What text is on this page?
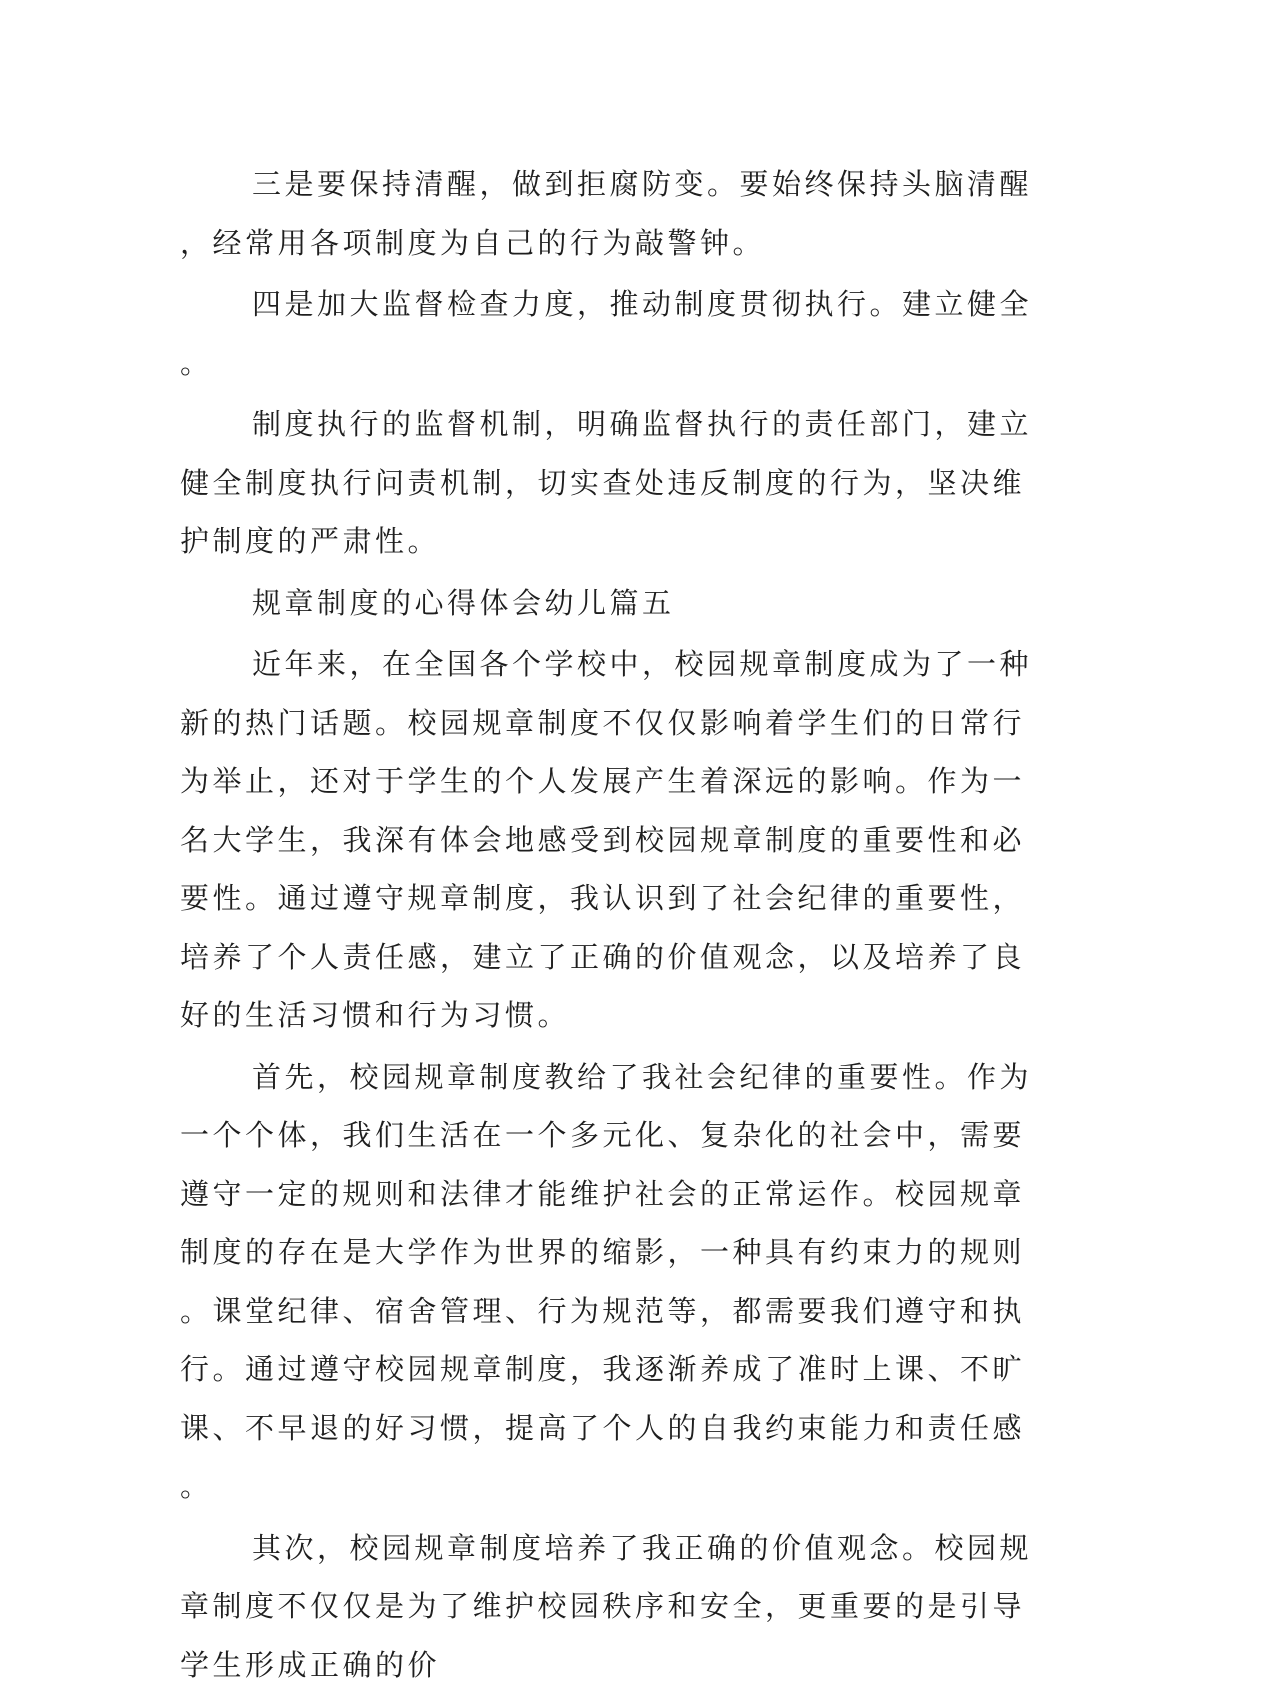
三是要保持清醒，做到拒腐防变。要始终保持头脑清醒，经常用各项制度为自己的行为敲警钟。

四是加大监督检查力度，推动制度贯彻执行。建立健全。

制度执行的监督机制，明确监督执行的责任部门，建立健全制度执行问责机制，切实查处违反制度的行为，坚决维护制度的严肃性。

规章制度的心得体会幼儿篇五

近年来，在全国各个学校中，校园规章制度成为了一种新的热门话题。校园规章制度不仅仅影响着学生们的日常行为举止，还对于学生的个人发展产生着深远的影响。作为一名大学生，我深有体会地感受到校园规章制度的重要性和必要性。通过遵守规章制度，我认识到了社会纪律的重要性，培养了个人责任感，建立了正确的价值观念，以及培养了良好的生活习惯和行为习惯。

首先，校园规章制度教给了我社会纪律的重要性。作为一个个体，我们生活在一个多元化、复杂化的社会中，需要遵守一定的规则和法律才能维护社会的正常运作。校园规章制度的存在是大学作为世界的缩影，一种具有约束力的规则。课堂纪律、宿舍管理、行为规范等，都需要我们遵守和执行。通过遵守校园规章制度，我逐渐养成了准时上课、不旷课、不早退的好习惯，提高了个人的自我约束能力和责任感。

其次，校园规章制度培养了我正确的价值观念。校园规章制度不仅仅是为了维护校园秩序和安全，更重要的是引导学生形成正确的价
